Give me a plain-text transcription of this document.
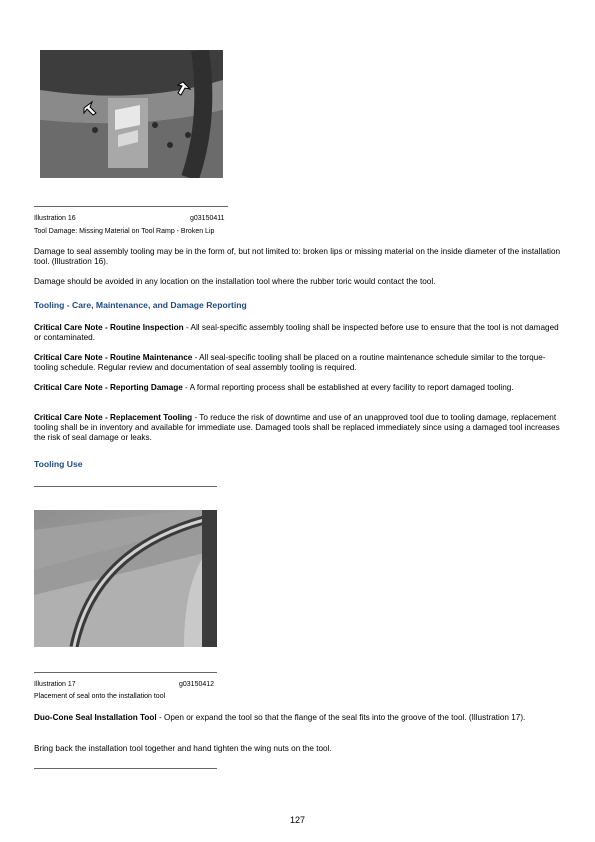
Illustration 16	g03150411
Tool Damage: Missing Material on Tool Ramp - Broken Lip

Damage to seal assembly tooling may be in the form of, but not limited to: broken lips or missing material on the inside diameter of the installation tool. (Illustration 16).

Damage should be avoided in any location on the installation tool where the rubber toric would contact the tool.

Tooling - Care, Maintenance, and Damage Reporting

Critical Care Note - Routine Inspection - All seal-specific assembly tooling shall be inspected before use to ensure that the tool is not damaged or contaminated.

Critical Care Note - Routine Maintenance - All seal-specific tooling shall be placed on a routine maintenance schedule similar to the torque-tooling schedule. Regular review and documentation of seal assembly tooling is required.

Critical Care Note - Reporting Damage - A formal reporting process shall be established at every facility to report damaged tooling.

Critical Care Note - Replacement Tooling - To reduce the risk of downtime and use of an unapproved tool due to tooling damage, replacement tooling shall be in inventory and available for immediate use. Damaged tools shall be replaced immediately since using a damaged tool increases the risk of seal damage or leaks.

Tooling Use
Illustration 17	g03150412
Placement of seal onto the installation tool

Duo-Cone Seal Installation Tool - Open or expand the tool so that the flange of the seal fits into the groove of the tool. (Illustration 17).

Bring back the installation tool together and hand tighten the wing nuts on the tool.

127
